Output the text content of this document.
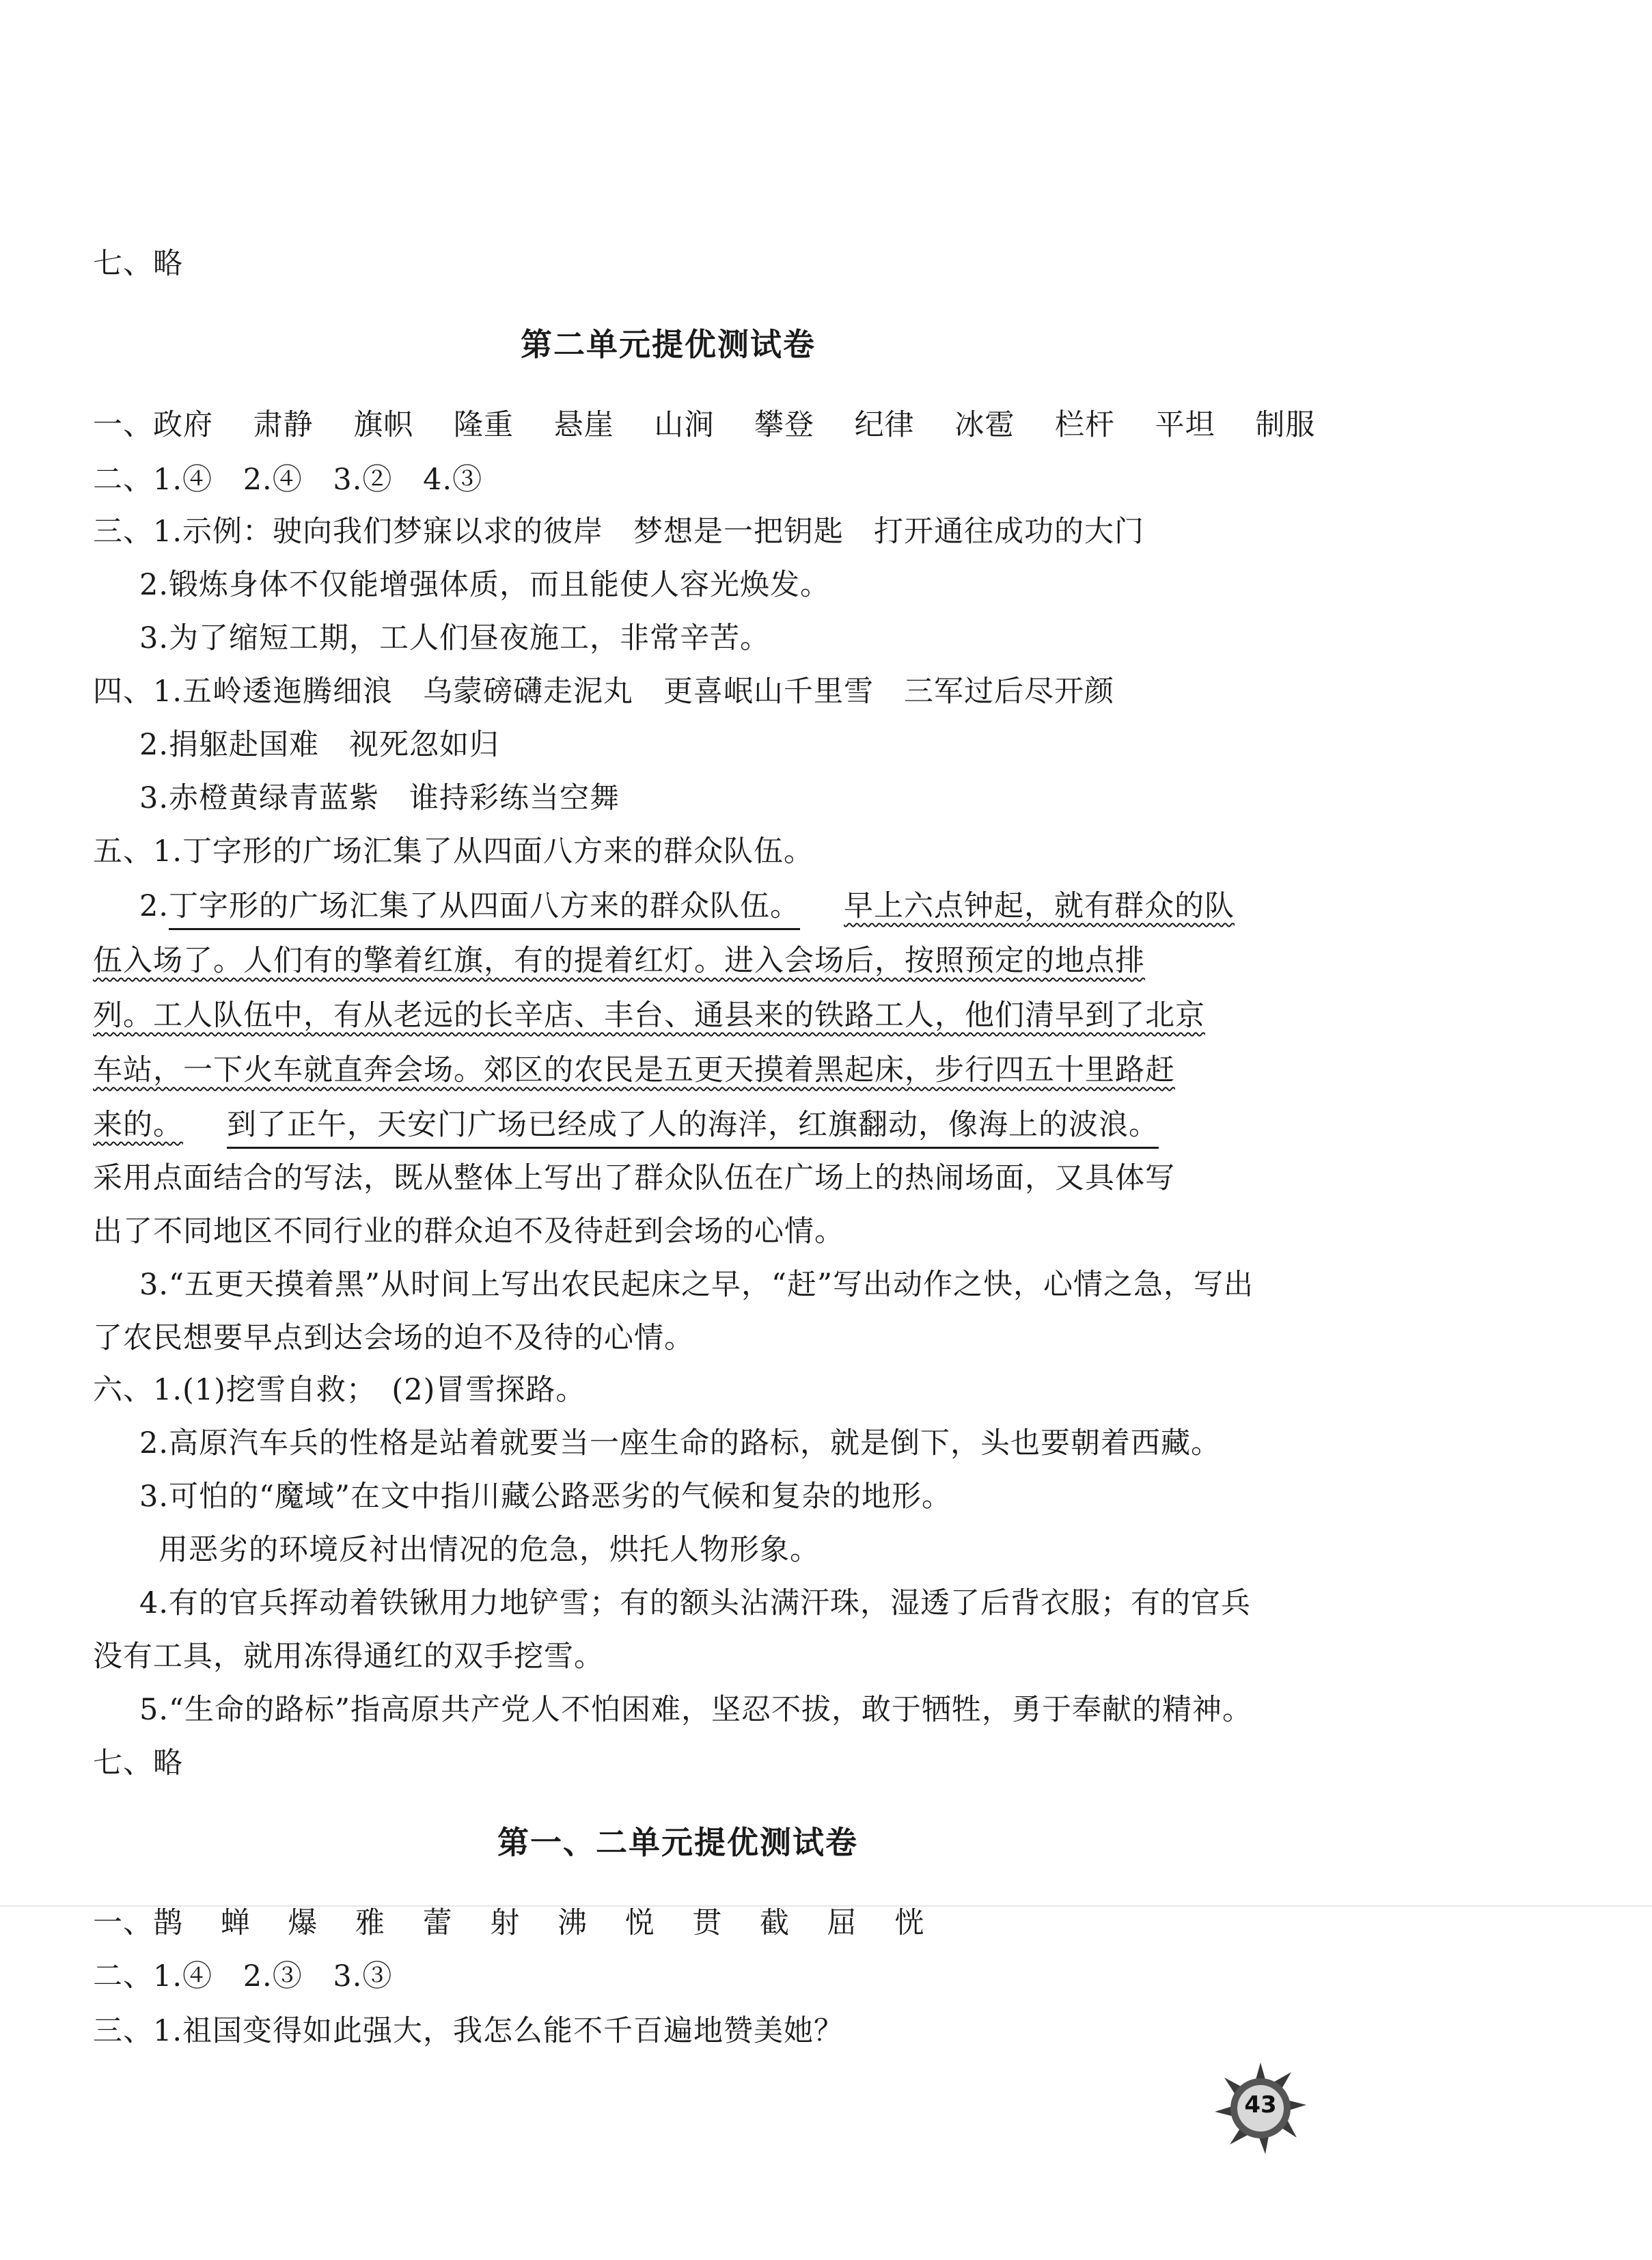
七、略
第二单元提优测试卷
一、政府 肃静 旗帜 隆重 悬崖 山涧 攀登 纪律 冰雹 栏杆 平坦 制服
二、1.④ 2.④ 3.② 4.③
三、1.示例：驶向我们梦寐以求的彼岸　梦想是一把钥匙　打开通往成功的大门
2.锻炼身体不仅能增强体质，而且能使人容光焕发。
3.为了缩短工期，工人们昼夜施工，非常辛苦。
四、1.五岭逶迤腾细浪　乌蒙磅礴走泥丸　更喜岷山千里雪　三军过后尽开颜
2.捐躯赴国难　视死忽如归
3.赤橙黄绿青蓝紫　谁持彩练当空舞
五、1.丁字形的广场汇集了从四面八方来的群众队伍。
2.丁字形的广场汇集了从四面八方来的群众队伍。 早上六点钟起，就有群众的队
伍入场了。人们有的擎着红旗，有的提着红灯。进入会场后，按照预定的地点排
列。工人队伍中，有从老远的长辛店、丰台、通县来的铁路工人，他们清早到了北京
车站，一下火车就直奔会场。郊区的农民是五更天摸着黑起床，步行四五十里路赶
来的。 到了正午，天安门广场已经成了人的海洋，红旗翻动，像海上的波浪。
采用点面结合的写法，既从整体上写出了群众队伍在广场上的热闹场面，又具体写
出了不同地区不同行业的群众迫不及待赶到会场的心情。
3.“五更天摸着黑”从时间上写出农民起床之早，“赶”写出动作之快，心情之急，写出
了农民想要早点到达会场的迫不及待的心情。
六、1.(1)挖雪自救；　(2)冒雪探路。
2.高原汽车兵的性格是站着就要当一座生命的路标，就是倒下，头也要朝着西藏。
3.可怕的“魔域”在文中指川藏公路恶劣的气候和复杂的地形。
用恶劣的环境反衬出情况的危急，烘托人物形象。
4.有的官兵挥动着铁锹用力地铲雪；有的额头沾满汗珠，湿透了后背衣服；有的官兵
没有工具，就用冻得通红的双手挖雪。
5.“生命的路标”指高原共产党人不怕困难，坚忍不拔，敢于牺牲，勇于奉献的精神。
七、略
第一、二单元提优测试卷
一、鹊 蝉 爆 雅 蕾 射 沸 悦 贯 截 屈 恍
二、1.④ 2.③ 3.③
三、1.祖国变得如此强大，我怎么能不千百遍地赞美她？
43
